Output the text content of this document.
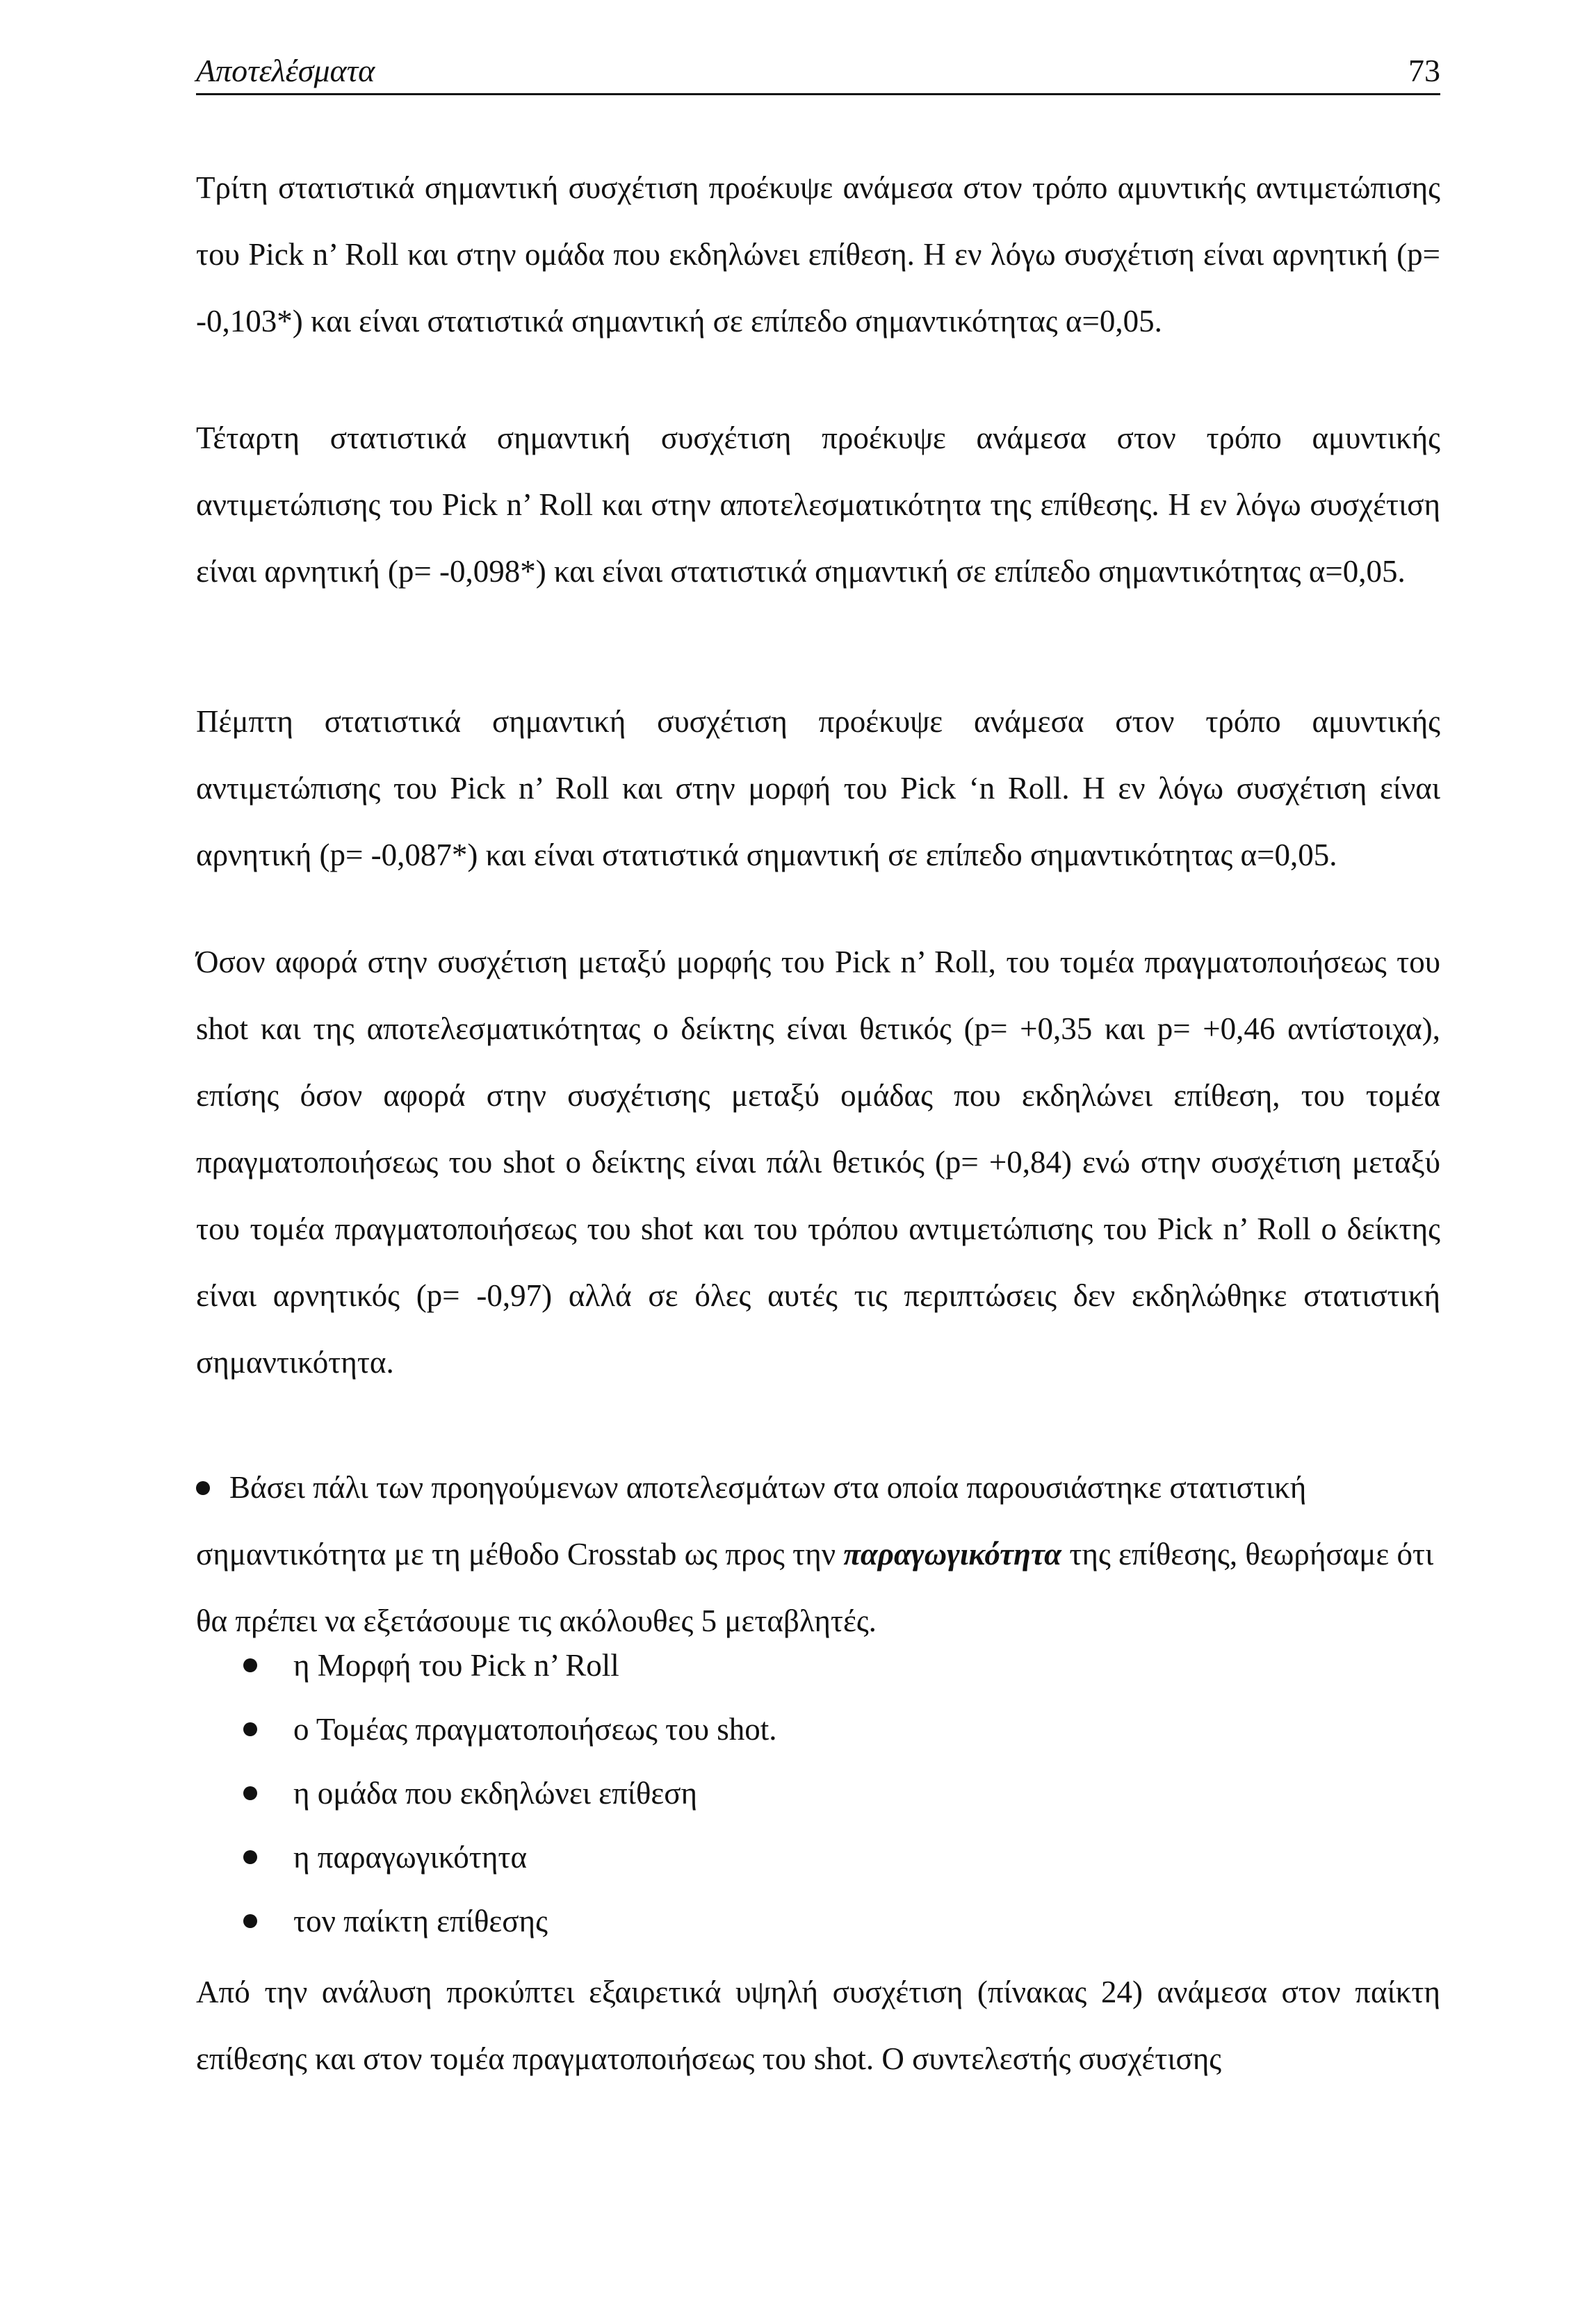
Αποτελέσματα	73

Τρίτη στατιστικά σημαντική συσχέτιση προέκυψε ανάμεσα στον τρόπο αμυντικής αντιμετώπισης του Pick n’ Roll και στην ομάδα που εκδηλώνει επίθεση. Η εν λόγω συσχέτιση είναι αρνητική (p= -0,103*) και είναι στατιστικά σημαντική σε επίπεδο σημαντικότητας α=0,05.

Τέταρτη στατιστικά σημαντική συσχέτιση προέκυψε ανάμεσα στον τρόπο αμυντικής αντιμετώπισης του Pick n’ Roll και στην αποτελεσματικότητα της επίθεσης. Η εν λόγω συσχέτιση είναι αρνητική (p= -0,098*) και είναι στατιστικά σημαντική σε επίπεδο σημαντικότητας α=0,05.

Πέμπτη στατιστικά σημαντική συσχέτιση προέκυψε ανάμεσα στον τρόπο αμυντικής αντιμετώπισης του Pick n’ Roll και στην μορφή του Pick ‘n Roll. Η εν λόγω συσχέτιση είναι αρνητική (p= -0,087*) και είναι στατιστικά σημαντική σε επίπεδο σημαντικότητας α=0,05.

Όσον αφορά στην συσχέτιση μεταξύ μορφής του Pick n’ Roll, του τομέα πραγματοποιήσεως του shot και της αποτελεσματικότητας ο δείκτης είναι θετικός (p= +0,35 και p= +0,46 αντίστοιχα), επίσης όσον αφορά στην συσχέτισης μεταξύ ομάδας που εκδηλώνει επίθεση, του τομέα πραγματοποιήσεως του shot ο δείκτης είναι πάλι θετικός (p= +0,84) ενώ στην συσχέτιση μεταξύ του τομέα πραγματοποιήσεως του shot και του τρόπου αντιμετώπισης του Pick n’ Roll ο δείκτης είναι αρνητικός (p= -0,97) αλλά σε όλες αυτές τις περιπτώσεις δεν εκδηλώθηκε στατιστική σημαντικότητα.

Βάσει πάλι των προηγούμενων αποτελεσμάτων στα οποία παρουσιάστηκε στατιστική σημαντικότητα με τη μέθοδο Crosstab ως προς την παραγωγικότητα της επίθεσης, θεωρήσαμε ότι θα πρέπει να εξετάσουμε τις ακόλουθες 5 μεταβλητές.

η Μορφή του Pick n’ Roll
ο Τομέας πραγματοποιήσεως του shot.
η ομάδα που εκδηλώνει επίθεση
η παραγωγικότητα
τον παίκτη επίθεσης

Από την ανάλυση προκύπτει εξαιρετικά υψηλή συσχέτιση (πίνακας 24) ανάμεσα στον παίκτη επίθεσης και στον τομέα πραγματοποιήσεως του shot. Ο συντελεστής συσχέτισης
